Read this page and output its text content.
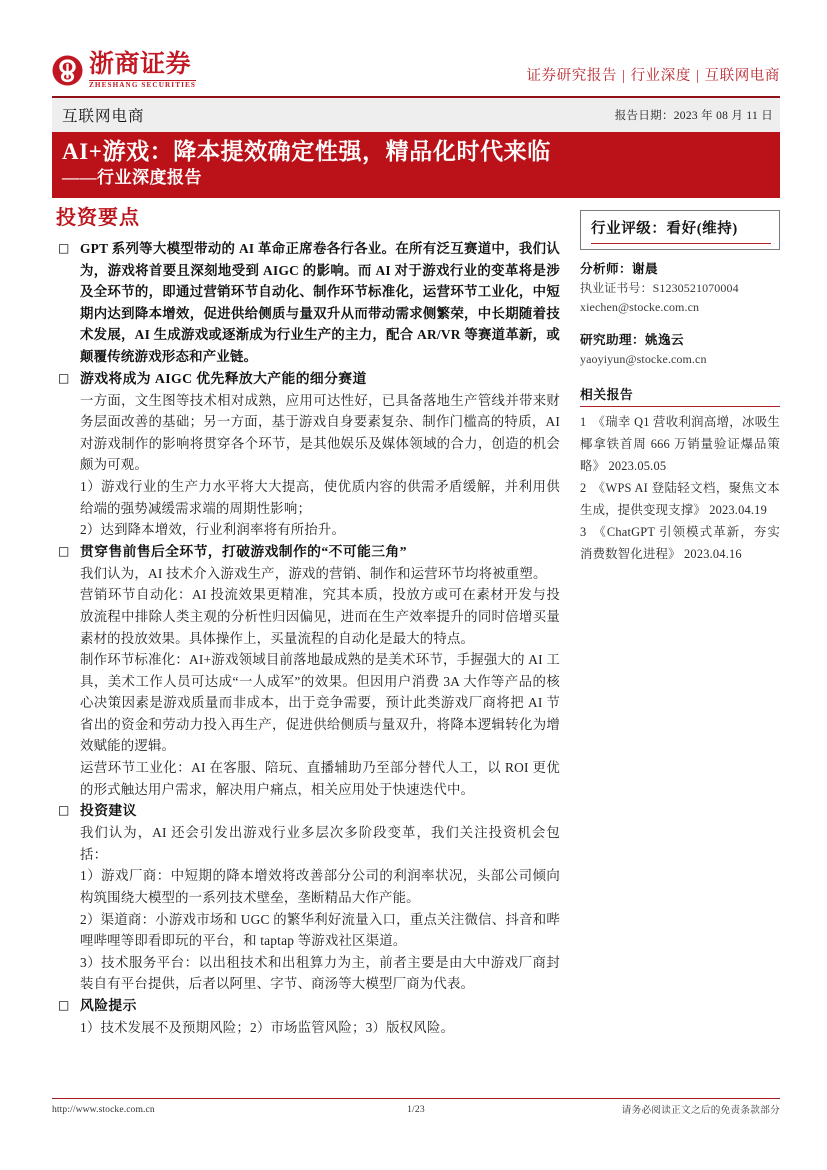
浙商证券
ZHESHANG SECURITIES
证券研究报告 | 行业深度 | 互联网电商
互联网电商	报告日期：2023 年 08 月 11 日
AI+游戏：降本提效确定性强，精品化时代来临
——行业深度报告
投资要点
□ GPT 系列等大模型带动的 AI 革命正席卷各行各业。在所有泛互赛道中，我们认为，游戏将首要且深刻地受到 AIGC 的影响。而 AI 对于游戏行业的变革将是涉及全环节的，即通过营销环节自动化、制作环节标准化，运营环节工业化，中短期内达到降本增效，促进供给侧质与量双升从而带动需求侧繁荣，中长期随着技术发展，AI 生成游戏或逐渐成为行业生产的主力，配合 AR/VR 等赛道革新，或颠覆传统游戏形态和产业链。

□ 游戏将成为 AIGC 优先释放大产能的细分赛道

一方面，文生图等技术相对成熟，应用可达性好，已具备落地生产管线并带来财务层面改善的基础；另一方面，基于游戏自身要素复杂、制作门槛高的特质，AI 对游戏制作的影响将贯穿各个环节，是其他娱乐及媒体领域的合力，创造的机会颇为可观。

1）游戏行业的生产力水平将大大提高，使优质内容的供需矛盾缓解，并利用供给端的强势减缓需求端的周期性影响；

2）达到降本增效，行业利润率将有所抬升。

□ 贯穿售前售后全环节，打破游戏制作的“不可能三角”

我们认为，AI 技术介入游戏生产，游戏的营销、制作和运营环节均将被重塑。

营销环节自动化：AI 投流效果更精准，究其本质，投放方或可在素材开发与投放流程中排除人类主观的分析性归因偏见，进而在生产效率提升的同时倍增买量素材的投放效果。具体操作上，买量流程的自动化是最大的特点。

制作环节标准化：AI+游戏领域目前落地最成熟的是美术环节，手握强大的 AI 工具，美术工作人员可达成“一人成军”的效果。但因用户消费 3A 大作等产品的核心决策因素是游戏质量而非成本，出于竞争需要，预计此类游戏厂商将把 AI 节省出的资金和劳动力投入再生产，促进供给侧质与量双升，将降本逻辑转化为增效赋能的逻辑。

运营环节工业化：AI 在客服、陪玩、直播辅助乃至部分替代人工，以 ROI 更优的形式触达用户需求，解决用户痛点，相关应用处于快速迭代中。

□ 投资建议

我们认为，AI 还会引发出游戏行业多层次多阶段变革，我们关注投资机会包括：

1）游戏厂商：中短期的降本增效将改善部分公司的利润率状况，头部公司倾向构筑围绕大模型的一系列技术壁垒，垄断精品大作产能。

2）渠道商：小游戏市场和 UGC 的繁华利好流量入口，重点关注微信、抖音和哔哩哔哩等即看即玩的平台，和 taptap 等游戏社区渠道。

3）技术服务平台：以出租技术和出租算力为主，前者主要是由大中游戏厂商封装自有平台提供，后者以阿里、字节、商汤等大模型厂商为代表。

□ 风险提示

1）技术发展不及预期风险；2）市场监管风险；3）版权风险。

行业评级：看好(维持)

分析师：谢晨

执业证书号：S1230521070004

xiechen@stocke.com.cn

研究助理：姚逸云

yaoyiyun@stocke.com.cn

相关报告

1 《瑞幸 Q1 营收利润高增，冰吸生椰拿铁首周 666 万销量验证爆品策略》 2023.05.05

2 《WPS AI 登陆轻文档，聚焦文本生成，提供变现支撑》 2023.04.19

3 《ChatGPT 引领模式革新，夯实消费数智化进程》 2023.04.16

http://www.stocke.com.cn	1/23	请务必阅读正文之后的免责条款部分
